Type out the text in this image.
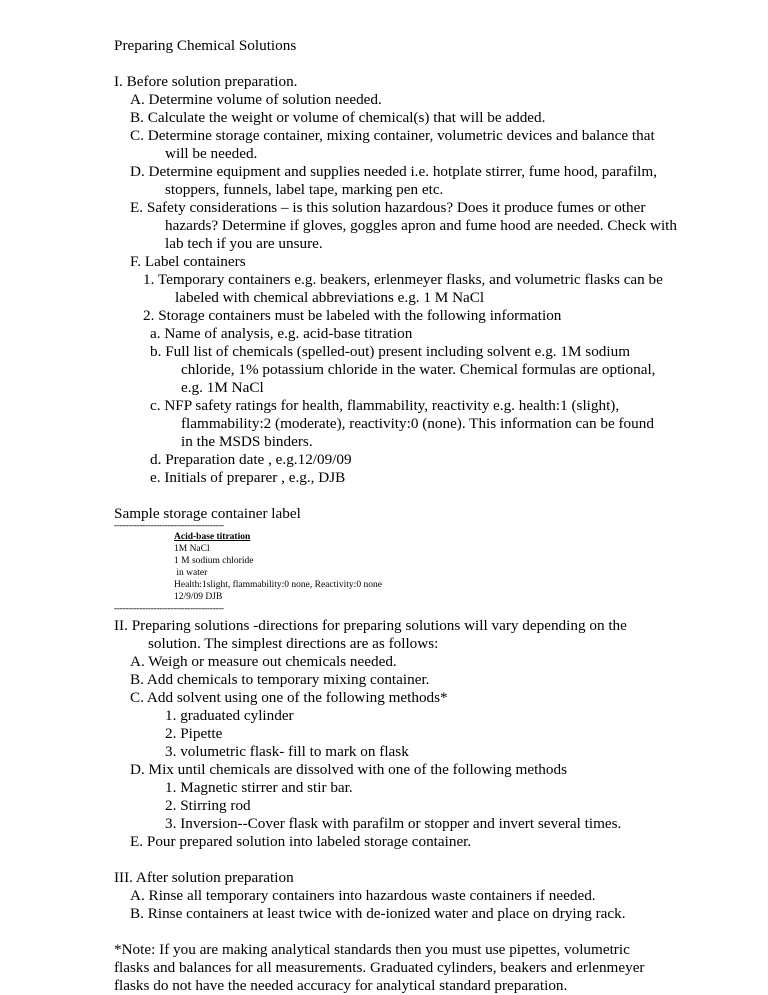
Preparing Chemical Solutions
I. Before solution preparation.
A. Determine volume of solution needed.
B. Calculate the weight or volume of chemical(s) that will be added.
C. Determine storage container, mixing container, volumetric devices and balance that
will be needed.
D. Determine equipment and supplies needed i.e. hotplate stirrer, fume hood, parafilm,
stoppers, funnels, label tape, marking pen etc.
E. Safety considerations – is this solution hazardous? Does it produce fumes or other
hazards? Determine if gloves, goggles apron and fume hood are needed. Check with
lab tech if you are unsure.
F. Label containers
1. Temporary containers e.g. beakers, erlenmeyer flasks, and volumetric flasks can be
labeled with chemical abbreviations e.g. 1 M NaCl
2. Storage containers must be labeled with the following information
a. Name of analysis, e.g. acid-base titration
b. Full list of chemicals (spelled-out) present including solvent e.g. 1M sodium
chloride, 1% potassium chloride in the water. Chemical formulas are optional,
e.g. 1M NaCl
c. NFP safety ratings for health, flammability, reactivity e.g. health:1 (slight),
flammability:2 (moderate), reactivity:0 (none). This information can be found
in the MSDS binders.
d. Preparation date , e.g.12/09/09
e. Initials of preparer , e.g., DJB
Sample storage container label
---------------------------------------
Acid-base titration
1M NaCl
1 M sodium chloride
in water
Health:1slight, flammability:0 none, Reactivity:0 none
12/9/09 DJB
---------------------------------------
II. Preparing solutions -directions for preparing solutions will vary depending on the
solution. The simplest directions are as follows:
A. Weigh or measure out chemicals needed.
B. Add chemicals to temporary mixing container.
C. Add solvent using one of the following methods*
1. graduated cylinder
2. Pipette
3. volumetric flask- fill to mark on flask
D. Mix until chemicals are dissolved with one of the following methods
1. Magnetic stirrer and stir bar.
2. Stirring rod
3. Inversion--Cover flask with parafilm or stopper and invert several times.
E. Pour prepared solution into labeled storage container.
III. After solution preparation
A. Rinse all temporary containers into hazardous waste containers if needed.
B. Rinse containers at least twice with de-ionized water and place on drying rack.
*Note: If you are making analytical standards then you must use pipettes, volumetric
flasks and balances for all measurements. Graduated cylinders, beakers and erlenmeyer
flasks do not have the needed accuracy for analytical standard preparation.
